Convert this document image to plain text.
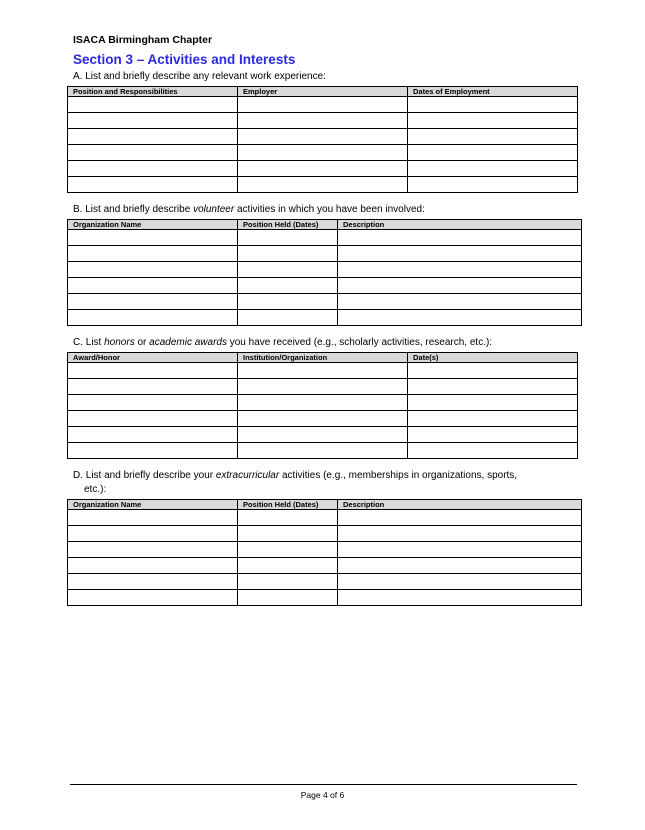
ISACA Birmingham Chapter
Section 3 – Activities and Interests
A. List and briefly describe any relevant work experience:
Position and Responsibilities	Employer	Dates of Employment

B. List and briefly describe volunteer activities in which you have been involved:
Organization Name	Position Held (Dates)	Description

C. List honors or academic awards you have received (e.g., scholarly activities, research, etc.):
Award/Honor	Institution/Organization	Date(s)

D. List and briefly describe your extracurricular activities (e.g., memberships in organizations, sports,
etc.):
Organization Name	Position Held (Dates)	Description

Page 4 of 6
